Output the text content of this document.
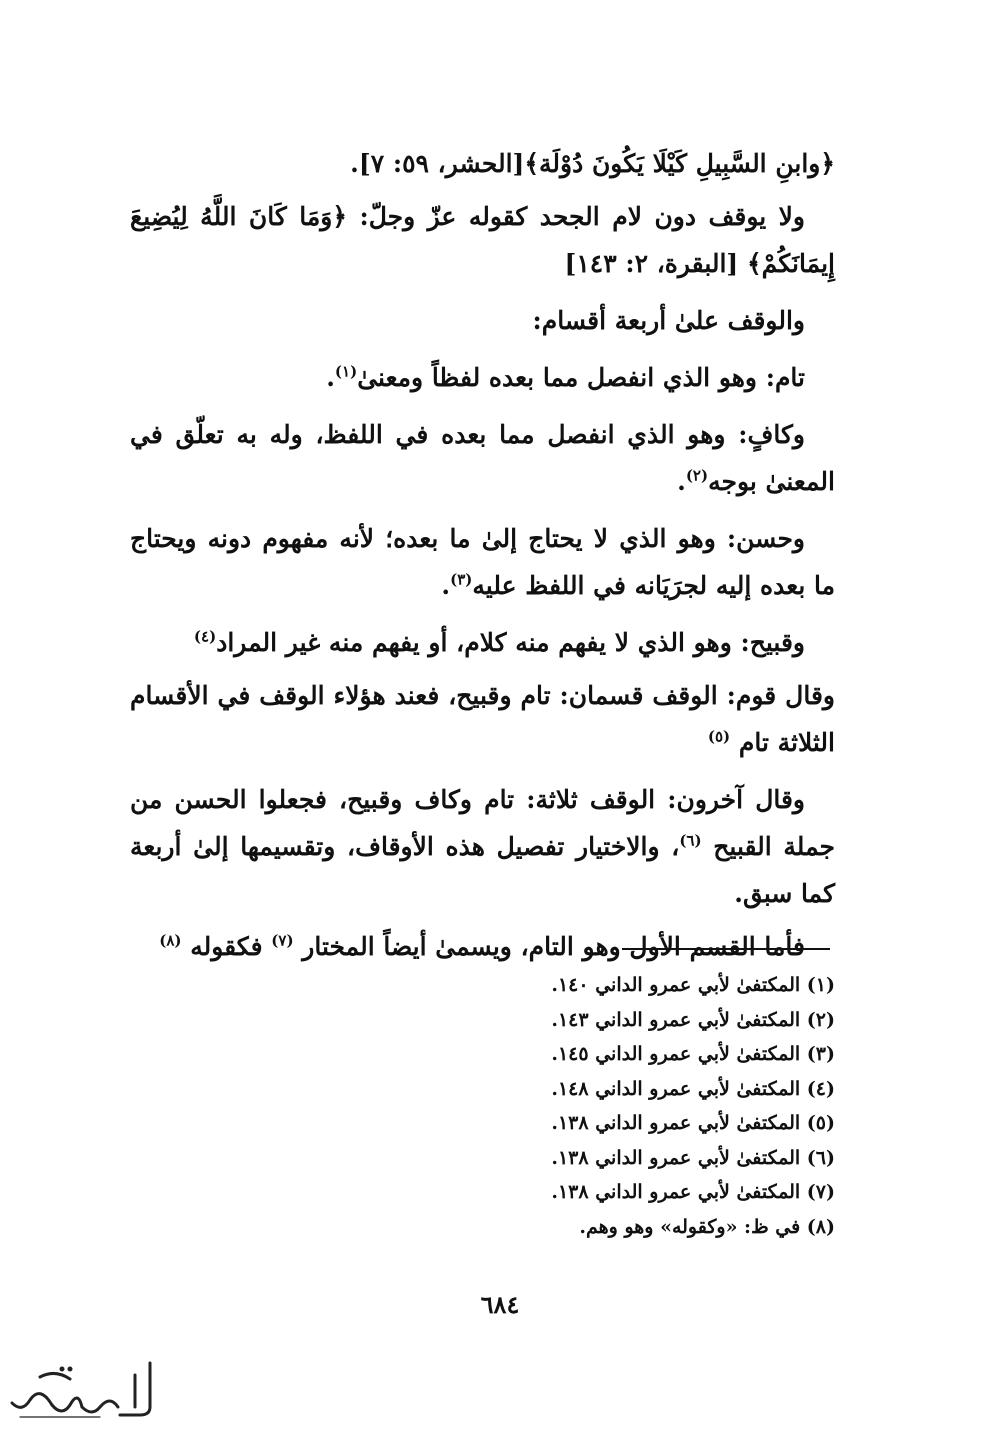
﴿وابنِ السَّبِيلِ كَيْلَا يَكُونَ دُوْلَة﴾[الحشر، ٥٩: ٧].

ولا يوقف دون لام الجحد كقوله عزّ وجلّ: ﴿وَمَا كَانَ اللَّهُ لِيُضِيعَ إِيمَانَكُمْ﴾ [البقرة، ٢: ١٤٣]

والوقف علىٰ أربعة أقسام:

تام: وهو الذي انفصل مما بعده لفظاً ومعنىٰ$^{(١)}$.

وكافٍ: وهو الذي انفصل مما بعده في اللفظ، وله به تعلّق في المعنىٰ بوجه$^{(٢)}$.

وحسن: وهو الذي لا يحتاج إلىٰ ما بعده؛ لأنه مفهوم دونه ويحتاج ما بعده إليه لجرَيَانه في اللفظ عليه$^{(٣)}$.

وقبيح: وهو الذي لا يفهم منه كلام، أو يفهم منه غير المراد$^{(٤)}$

وقال قوم: الوقف قسمان: تام وقبيح، فعند هؤلاء الوقف في الأقسام الثلاثة تام $^{(٥)}$

وقال آخرون: الوقف ثلاثة: تام وكاف وقبيح، فجعلوا الحسن من جملة القبيح $^{(٦)}$، والاختيار تفصيل هذه الأوقاف، وتقسيمها إلىٰ أربعة كما سبق.

فأما القسم الأول وهو التام، ويسمىٰ أيضاً المختار $^{(٧)}$ فكقوله $^{(٨)}$

(١) المكتفىٰ لأبي عمرو الداني ١٤٠.
(٢) المكتفىٰ لأبي عمرو الداني ١٤٣.
(٣) المكتفىٰ لأبي عمرو الداني ١٤٥.
(٤) المكتفىٰ لأبي عمرو الداني ١٤٨.
(٥) المكتفىٰ لأبي عمرو الداني ١٣٨.
(٦) المكتفىٰ لأبي عمرو الداني ١٣٨.
(٧) المكتفىٰ لأبي عمرو الداني ١٣٨.
(٨) في ظ: «وكقوله» وهو وهم.
٦٨٤
